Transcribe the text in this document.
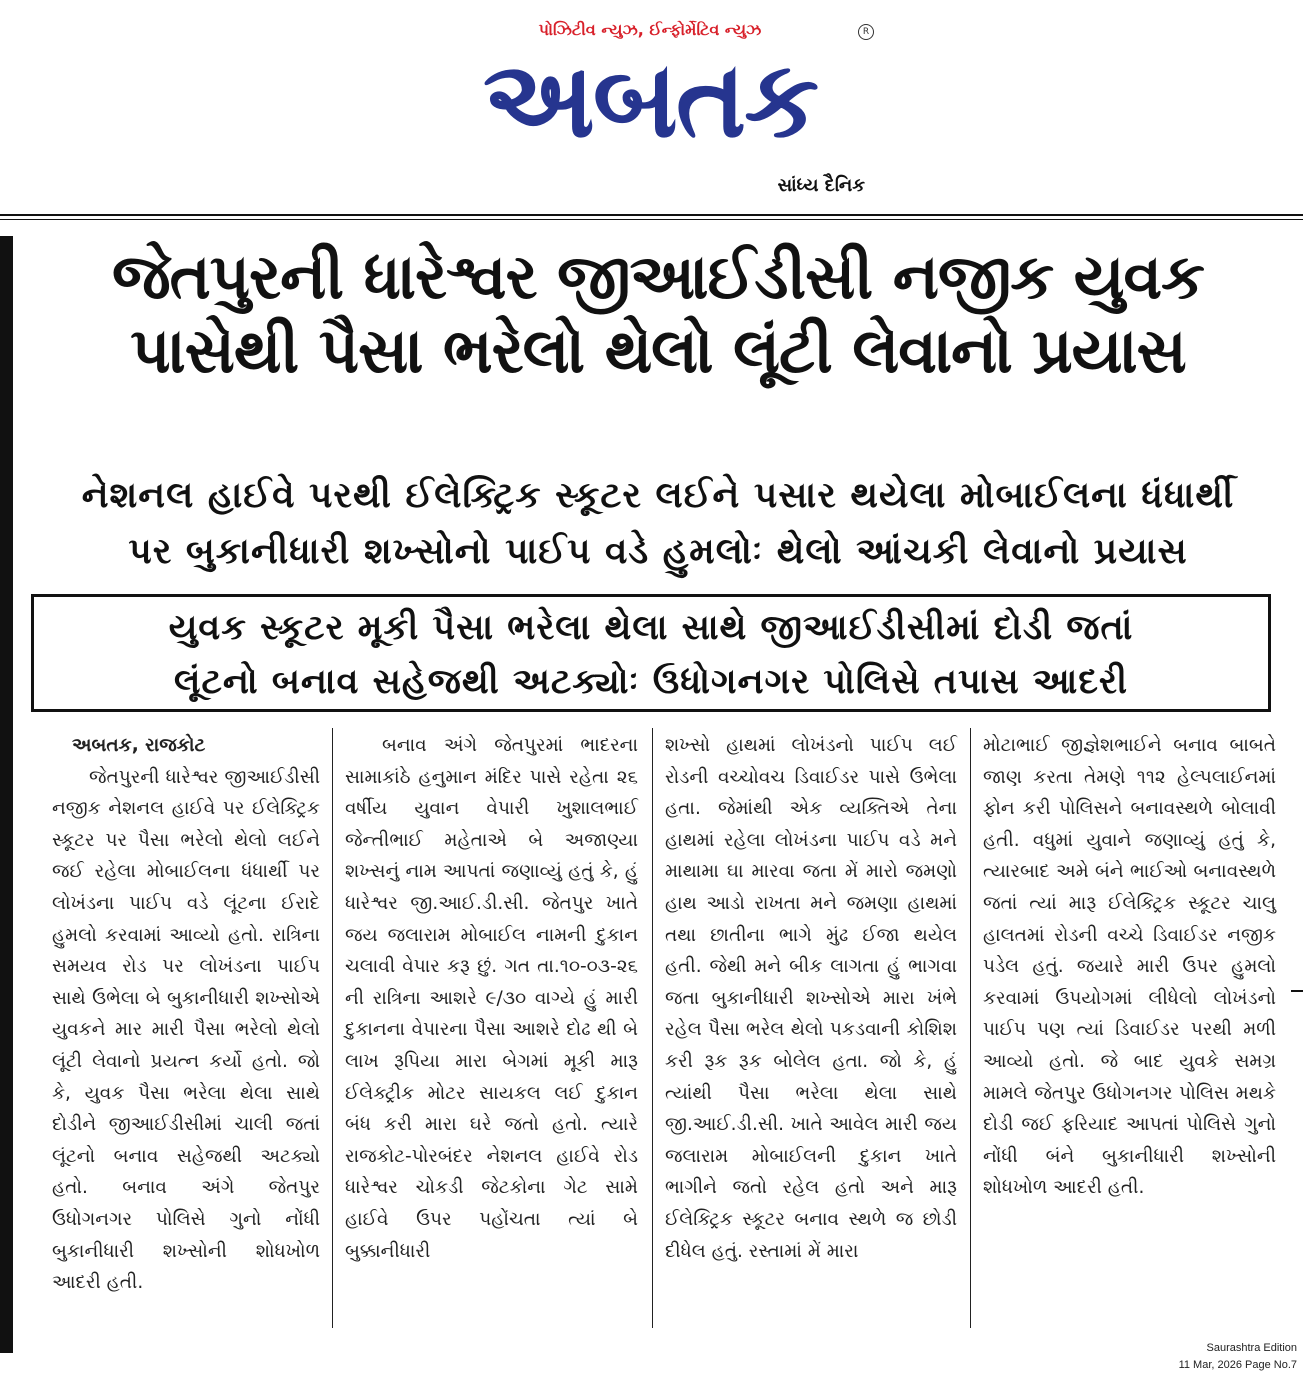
પોઝિટીવ ન્યુઝ, ઈન્ફોર્મેટિવ ન્યુઝ
અબતક
R
સાંધ્ય દૈનિક
જેતપુરની ધારેશ્વર જીઆઈડીસી નજીક યુવક
પાસેથી પૈસા ભરેલો થેલો લૂંટી લેવાનો પ્રયાસ
નેશનલ હાઈવે પરથી ઈલેક્ટ્રિક સ્કૂટર લઈને પસાર થયેલા મોબાઈલના ધંધાર્થી
પર બુકાનીધારી શખ્સોનો પાઈપ વડે હુમલોઃ થેલો આંચકી લેવાનો પ્રયાસ
યુવક સ્કૂટર મૂકી પૈસા ભરેલા થેલા સાથે જીઆઈડીસીમાં દોડી જતાં
લૂંટનો બનાવ સહેજથી અટક્યોઃ ઉધોગનગર પોલિસે તપાસ આદરી
અબતક, રાજકોટ

જેતપુરની ધારેશ્વર જીઆઈડીસી નજીક નેશનલ હાઈવે પર ઈલેક્ટ્રિક સ્કૂટર પર પૈસા ભરેલો થેલો લઈને જઈ રહેલા મોબાઈલના ધંધાર્થી પર લોખંડના પાઈપ વડે લૂંટના ઈરાદે હુમલો કરવામાં આવ્યો હતો. રાત્રિના સમયવ રોડ પર લોખંડના પાઈપ સાથે ઉભેલા બે બુકાનીધારી શખ્સોએ યુવકને માર મારી પૈસા ભરેલો થેલો લૂંટી લેવાનો પ્રયત્ન કર્યો હતો. જો કે, યુવક પૈસા ભરેલા થેલા સાથે દોડીને જીઆઈડીસીમાં ચાલી જતાં લૂંટનો બનાવ સહેજથી અટક્યો હતો. બનાવ અંગે જેતપુર ઉધોગનગર પોલિસે ગુનો નોંધી બુકાનીધારી શખ્સોની શોધખોળ આદરી હતી.

બનાવ અંગે જેતપુરમાં ભાદરના સામાકાંઠે હનુમાન મંદિર પાસે રહેતા ૨૬ વર્ષીય યુવાન વેપારી ખુશાલભાઈ જેન્તીભાઈ મહેતાએ બે અજાણ્યા શખ્સનું નામ આપતાં જણાવ્યું હતું કે, હું ધારેશ્વર જી.આઈ.ડી.સી. જેતપુર ખાતે જય જલારામ મોબાઈલ નામની દુકાન ચલાવી વેપાર કરૂ છું. ગત તા.૧૦-૦૩-૨૬ ની રાત્રિના આશરે ૯/૩૦ વાગ્યે હું મારી દુકાનના વેપારના પૈસા આશરે દોઢ થી બે લાખ રૂપિયા મારા બેગમાં મૂકી મારૂ ઈલેક્ટ્રીક મોટર સાયકલ લઈ દુકાન બંધ કરી મારા ઘરે જતો હતો. ત્યારે રાજકોટ-પોરબંદર નેશનલ હાઈવે રોડ ધારેશ્વર ચોકડી જેટકોના ગેટ સામે હાઈવે ઉપર પહોંચતા ત્યાં બે બુક્કાનીધારી

શખ્સો હાથમાં લોખંડનો પાઈપ લઈ રોડની વચ્ચોવચ ડિવાઈડર પાસે ઉભેલા હતા. જેમાંથી એક વ્યક્તિએ તેના હાથમાં રહેલા લોખંડના પાઈપ વડે મને માથામા ઘા મારવા જતા મેં મારો જમણો હાથ આડો રાખતા મને જમણા હાથમાં તથા છાતીના ભાગે મુંઢ ઈજા થયેલ હતી. જેથી મને બીક લાગતા હું ભાગવા જતા બુકાનીધારી શખ્સોએ મારા ખંભે રહેલ પૈસા ભરેલ થેલો પકડવાની કોશિશ કરી રૂક રૂક બોલેલ હતા. જો કે, હું ત્યાંથી પૈસા ભરેલા થેલા સાથે જી.આઈ.ડી.સી. ખાતે આવેલ મારી જય જલારામ મોબાઈલની દુકાન ખાતે ભાગીને જતો રહેલ હતો અને મારૂ ઈલેક્ટ્રિક સ્કૂટર બનાવ સ્થળે જ છોડી દીધેલ હતું. રસ્તામાં મેં મારા

મોટાભાઈ જીજ્ઞેશભાઈને બનાવ બાબતે જાણ કરતા તેમણે ૧૧૨ હેલ્પલાઈનમાં ફોન કરી પોલિસને બનાવસ્થળે બોલાવી હતી. વધુમાં યુવાને જણાવ્યું હતું કે, ત્યારબાદ અમે બંને ભાઈઓ બનાવસ્થળે જતાં ત્યાં મારૂ ઈલેક્ટ્રિક સ્કૂટર ચાલુ હાલતમાં રોડની વચ્ચે ડિવાઈડર નજીક પડેલ હતું. જયારે મારી ઉપર હુમલો કરવામાં ઉપયોગમાં લીધેલો લોખંડનો પાઈપ પણ ત્યાં ડિવાઈડર પરથી મળી આવ્યો હતો. જે બાદ યુવકે સમગ્ર મામલે જેતપુર ઉધોગનગર પોલિસ મથકે દોડી જઈ ફરિયાદ આપતાં પોલિસે ગુનો નોંધી બંને બુકાનીધારી શખ્સોની શોધખોળ આદરી હતી.

Saurashtra Edition
11 Mar, 2026 Page No.7
